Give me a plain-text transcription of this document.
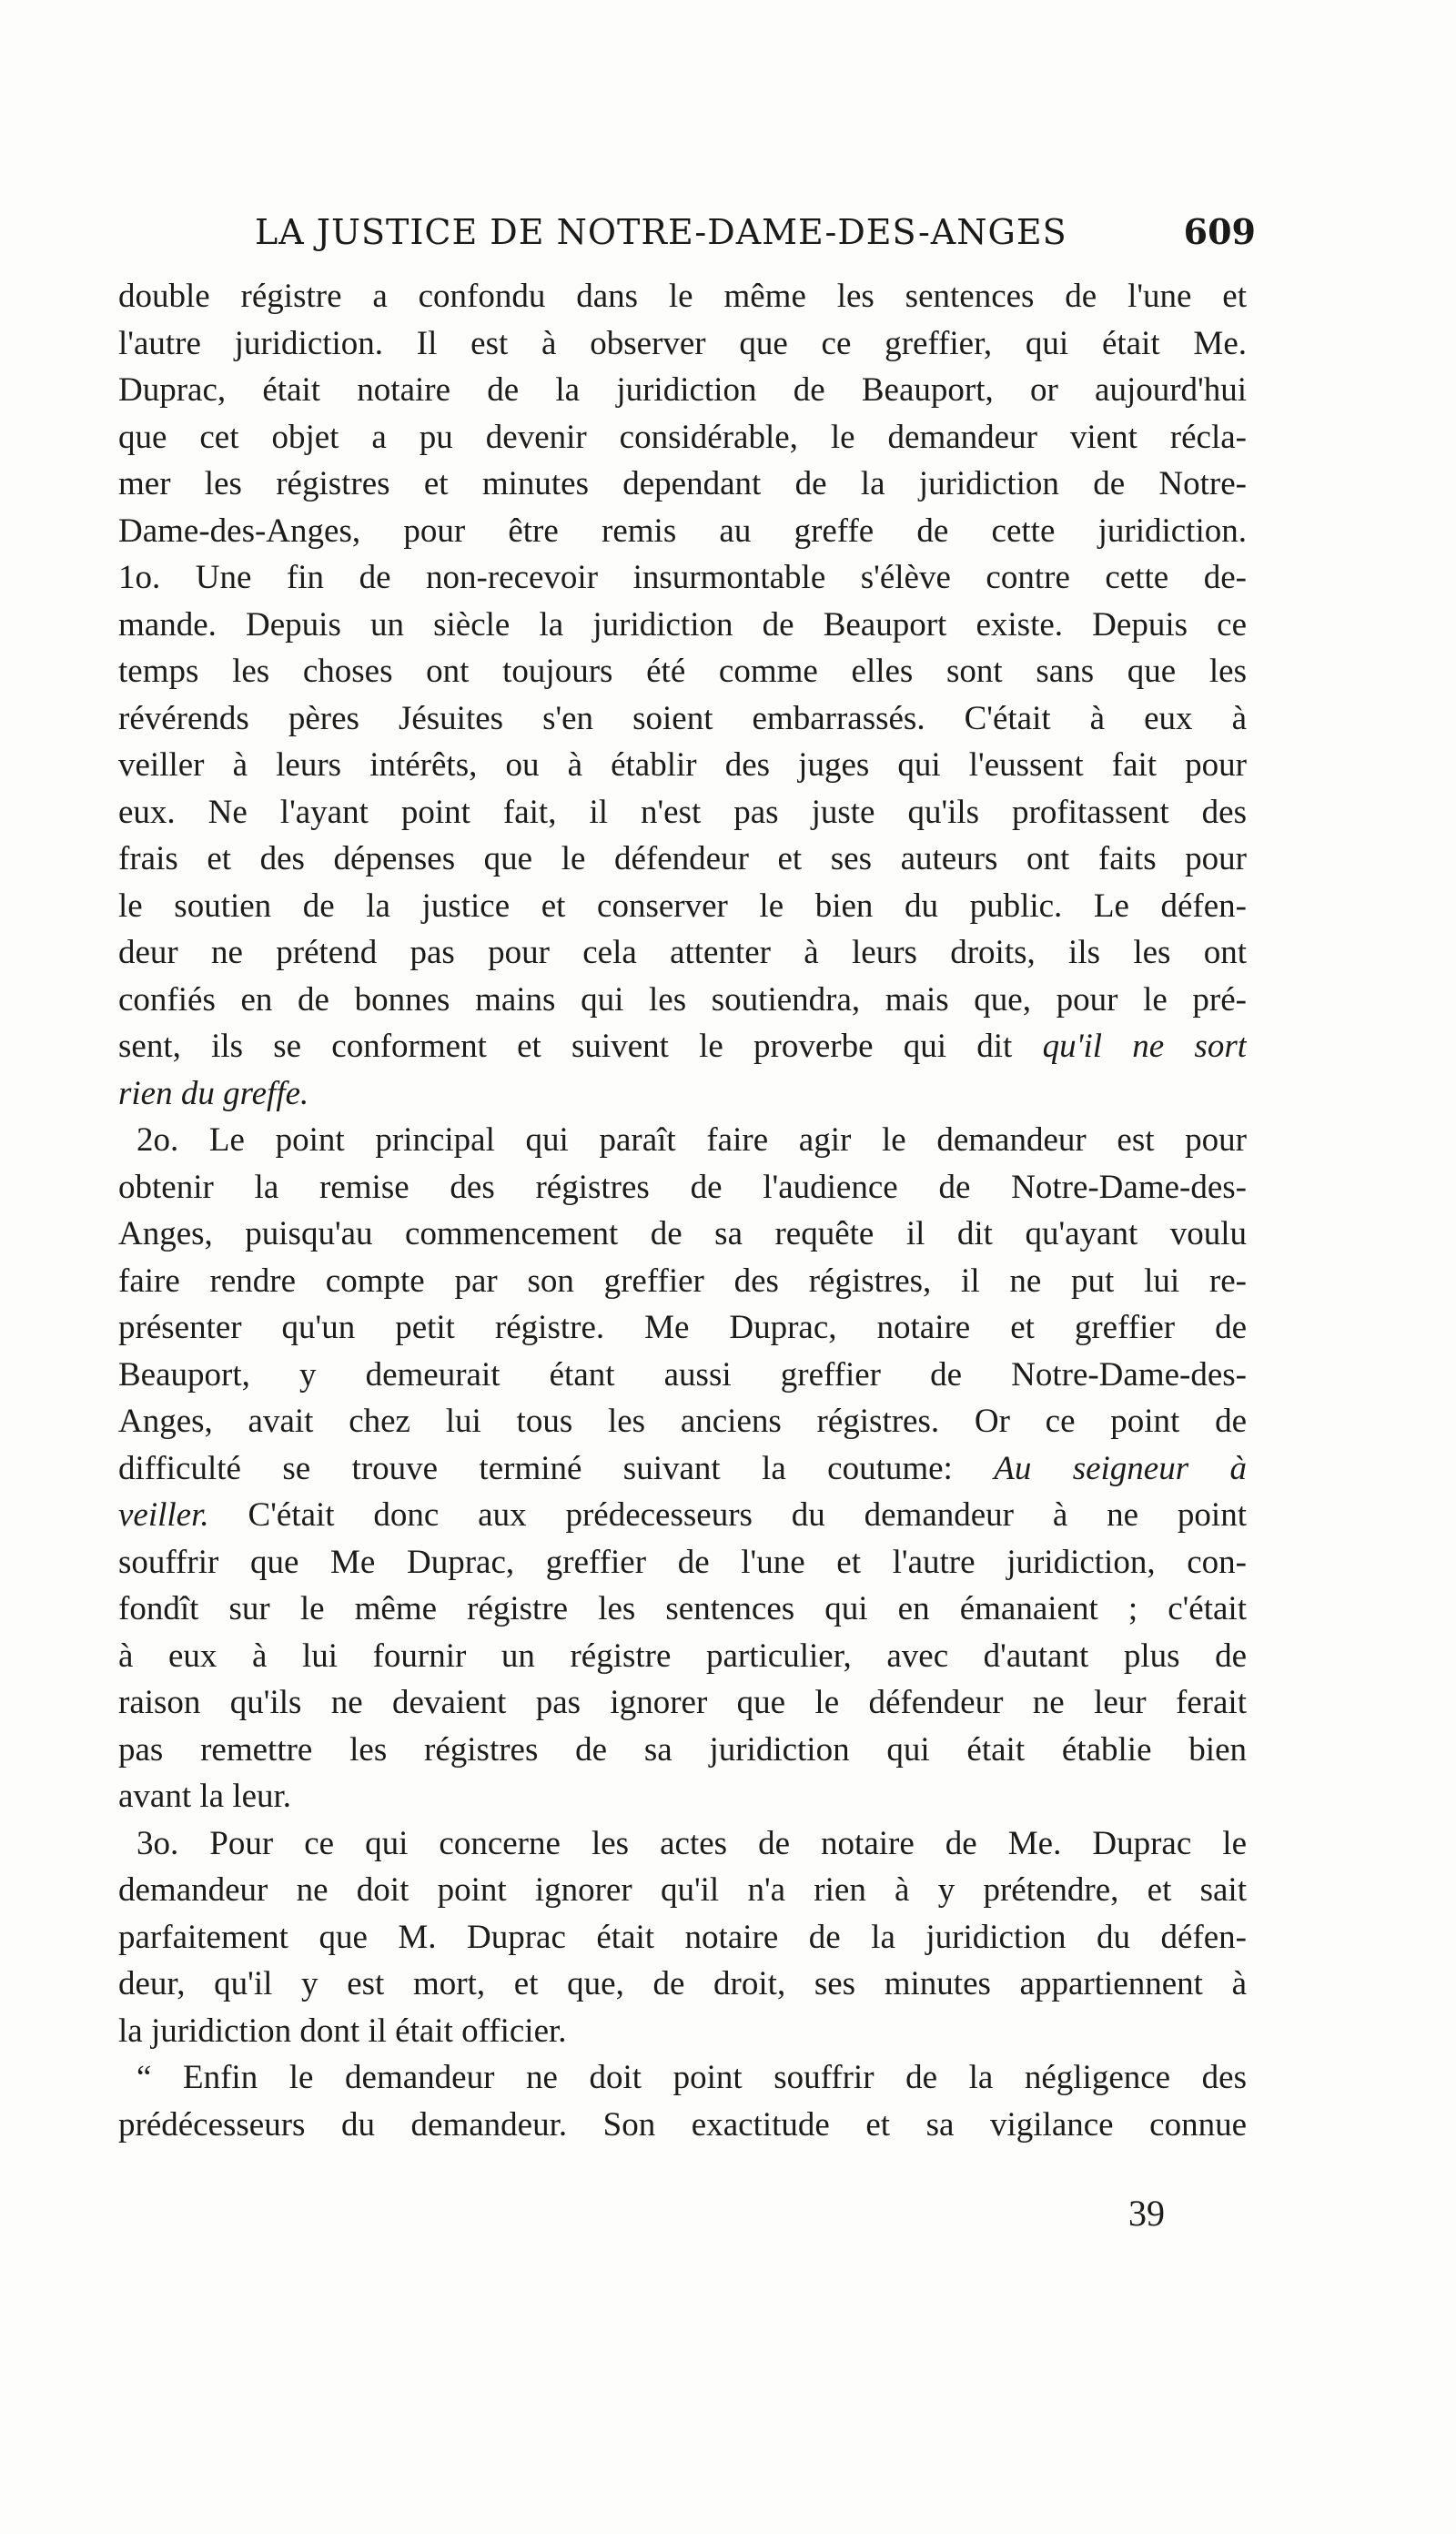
LA JUSTICE DE NOTRE-DAME-DES-ANGES	609
double régistre a confondu dans le même les sentences de l'une et
l'autre juridiction. Il est à observer que ce greffier, qui était Me.
Duprac, était notaire de la juridiction de Beauport, or aujourd'hui
que cet objet a pu devenir considérable, le demandeur vient récla-
mer les régistres et minutes dependant de la juridiction de Notre-
Dame-des-Anges, pour être remis au greffe de cette juridiction.
1o. Une fin de non-recevoir insurmontable s'élève contre cette de-
mande. Depuis un siècle la juridiction de Beauport existe. Depuis ce
temps les choses ont toujours été comme elles sont sans que les
révérends pères Jésuites s'en soient embarrassés. C'était à eux à
veiller à leurs intérêts, ou à établir des juges qui l'eussent fait pour
eux. Ne l'ayant point fait, il n'est pas juste qu'ils profitassent des
frais et des dépenses que le défendeur et ses auteurs ont faits pour
le soutien de la justice et conserver le bien du public. Le défen-
deur ne prétend pas pour cela attenter à leurs droits, ils les ont
confiés en de bonnes mains qui les soutiendra, mais que, pour le pré-
sent, ils se conforment et suivent le proverbe qui dit qu'il ne sort
rien du greffe.
2o. Le point principal qui paraît faire agir le demandeur est pour
obtenir la remise des régistres de l'audience de Notre-Dame-des-
Anges, puisqu'au commencement de sa requête il dit qu'ayant voulu
faire rendre compte par son greffier des régistres, il ne put lui re-
présenter qu'un petit régistre. Me Duprac, notaire et greffier de
Beauport, y demeurait étant aussi greffier de Notre-Dame-des-
Anges, avait chez lui tous les anciens régistres. Or ce point de
difficulté se trouve terminé suivant la coutume: Au seigneur à
veiller. C'était donc aux prédecesseurs du demandeur à ne point
souffrir que Me Duprac, greffier de l'une et l'autre juridiction, con-
fondît sur le même régistre les sentences qui en émanaient ; c'était
à eux à lui fournir un régistre particulier, avec d'autant plus de
raison qu'ils ne devaient pas ignorer que le défendeur ne leur ferait
pas remettre les régistres de sa juridiction qui était établie bien
avant la leur.
3o. Pour ce qui concerne les actes de notaire de Me. Duprac le
demandeur ne doit point ignorer qu'il n'a rien à y prétendre, et sait
parfaitement que M. Duprac était notaire de la juridiction du défen-
deur, qu'il y est mort, et que, de droit, ses minutes appartiennent à
la juridiction dont il était officier.
“ Enfin le demandeur ne doit point souffrir de la négligence des
prédécesseurs du demandeur. Son exactitude et sa vigilance connue
39
